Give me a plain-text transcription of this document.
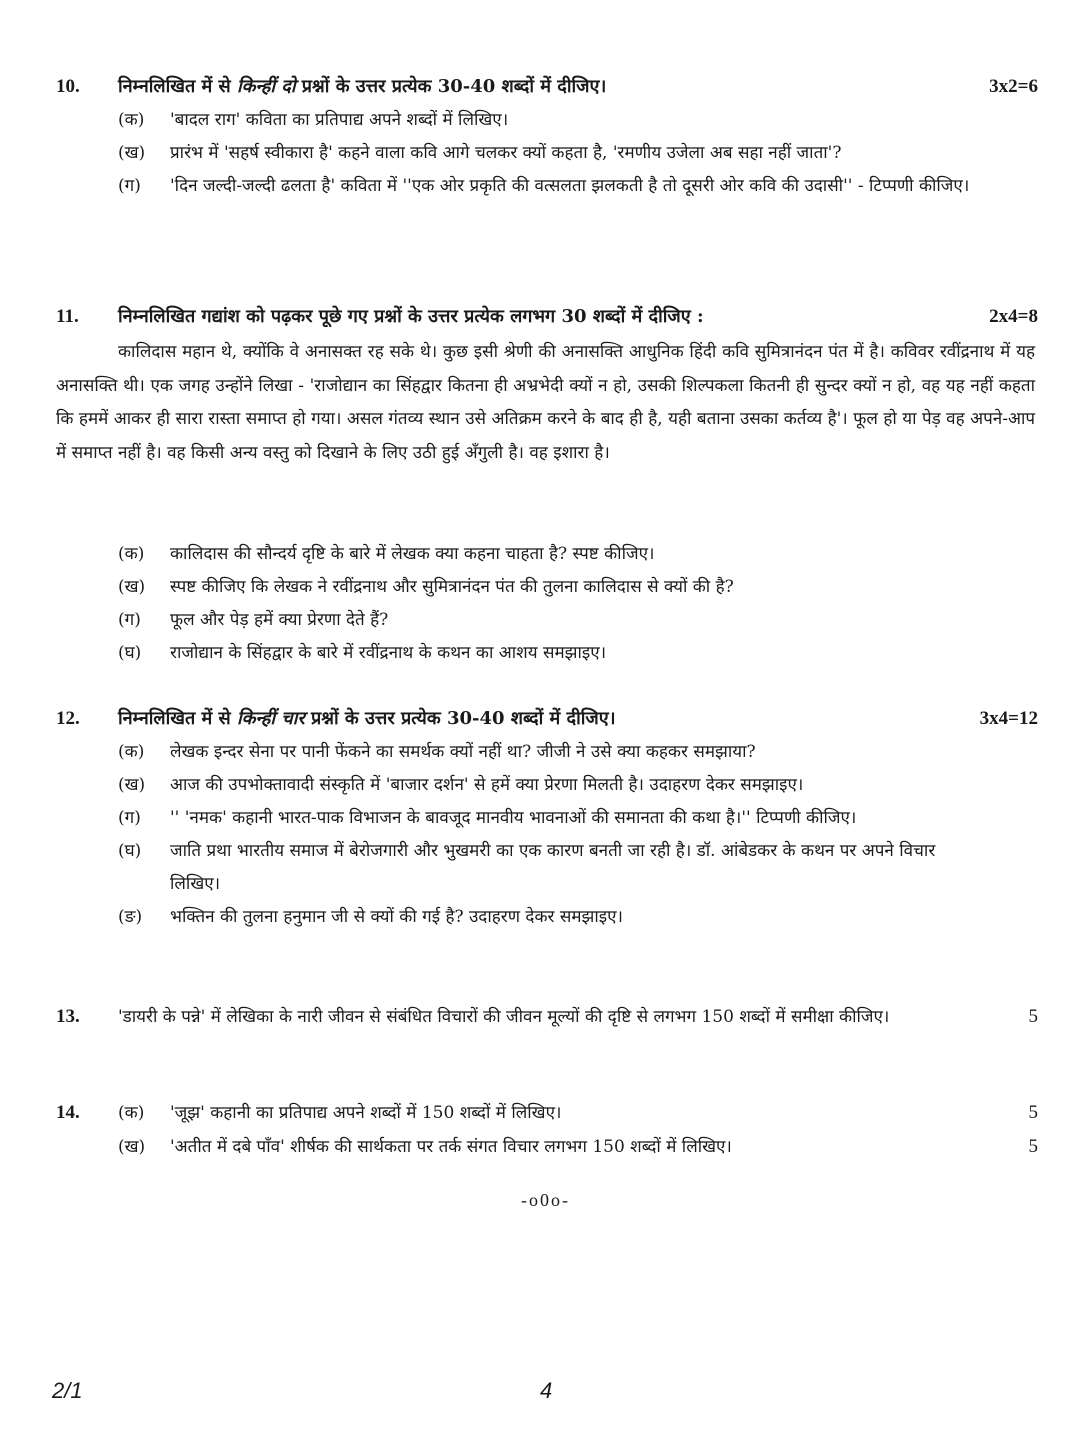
10.	निम्नलिखित में से किन्हीं दो प्रश्नों के उत्तर प्रत्येक 30-40 शब्दों में दीजिए।	3x2=6
(क)	'बादल राग' कविता का प्रतिपाद्य अपने शब्दों में लिखिए।
(ख)	प्रारंभ में 'सहर्ष स्वीकारा है' कहने वाला कवि आगे चलकर क्यों कहता है, 'रमणीय उजेला अब सहा नहीं जाता'?
(ग)	'दिन जल्दी-जल्दी ढलता है' कविता में ''एक ओर प्रकृति की वत्सलता झलकती है तो दूसरी ओर कवि की उदासी'' - टिप्पणी कीजिए।
11.	निम्नलिखित गद्यांश को पढ़कर पूछे गए प्रश्नों के उत्तर प्रत्येक लगभग 30 शब्दों में दीजिए :	2x4=8
कालिदास महान थे, क्योंकि वे अनासक्त रह सके थे। कुछ इसी श्रेणी की अनासक्ति आधुनिक हिंदी कवि सुमित्रानंदन पंत में है। कविवर रवींद्रनाथ में यह अनासक्ति थी। एक जगह उन्होंने लिखा - 'राजोद्यान का सिंहद्वार कितना ही अभ्रभेदी क्यों न हो, उसकी शिल्पकला कितनी ही सुन्दर क्यों न हो, वह यह नहीं कहता कि हममें आकर ही सारा रास्ता समाप्त हो गया। असल गंतव्य स्थान उसे अतिक्रम करने के बाद ही है, यही बताना उसका कर्तव्य है'। फूल हो या पेड़ वह अपने-आप में समाप्त नहीं है। वह किसी अन्य वस्तु को दिखाने के लिए उठी हुई अँगुली है। वह इशारा है।
(क)	कालिदास की सौन्दर्य दृष्टि के बारे में लेखक क्या कहना चाहता है? स्पष्ट कीजिए।
(ख)	स्पष्ट कीजिए कि लेखक ने रवींद्रनाथ और सुमित्रानंदन पंत की तुलना कालिदास से क्यों की है?
(ग)	फूल और पेड़ हमें क्या प्रेरणा देते हैं?
(घ)	राजोद्यान के सिंहद्वार के बारे में रवींद्रनाथ के कथन का आशय समझाइए।
12.	निम्नलिखित में से किन्हीं चार प्रश्नों के उत्तर प्रत्येक 30-40 शब्दों में दीजिए।	3x4=12
(क)	लेखक इन्दर सेना पर पानी फेंकने का समर्थक क्यों नहीं था? जीजी ने उसे क्या कहकर समझाया?
(ख)	आज की उपभोक्तावादी संस्कृति में 'बाजार दर्शन' से हमें क्या प्रेरणा मिलती है। उदाहरण देकर समझाइए।
(ग)	'' 'नमक' कहानी भारत-पाक विभाजन के बावजूद मानवीय भावनाओं की समानता की कथा है।'' टिप्पणी कीजिए।
(घ)	जाति प्रथा भारतीय समाज में बेरोजगारी और भुखमरी का एक कारण बनती जा रही है। डॉ. आंबेडकर के कथन पर अपने विचार लिखिए।
(ङ)	भक्तिन की तुलना हनुमान जी से क्यों की गई है? उदाहरण देकर समझाइए।
13.	'डायरी के पन्ने' में लेखिका के नारी जीवन से संबंधित विचारों की जीवन मूल्यों की दृष्टि से लगभग 150 शब्दों में समीक्षा कीजिए।	5
14.	(क)	'जूझ' कहानी का प्रतिपाद्य अपने शब्दों में 150 शब्दों में लिखिए।	5
(ख)	'अतीत में दबे पाँव' शीर्षक की सार्थकता पर तर्क संगत विचार लगभग 150 शब्दों में लिखिए।	5
-o0o-
2/1	4
